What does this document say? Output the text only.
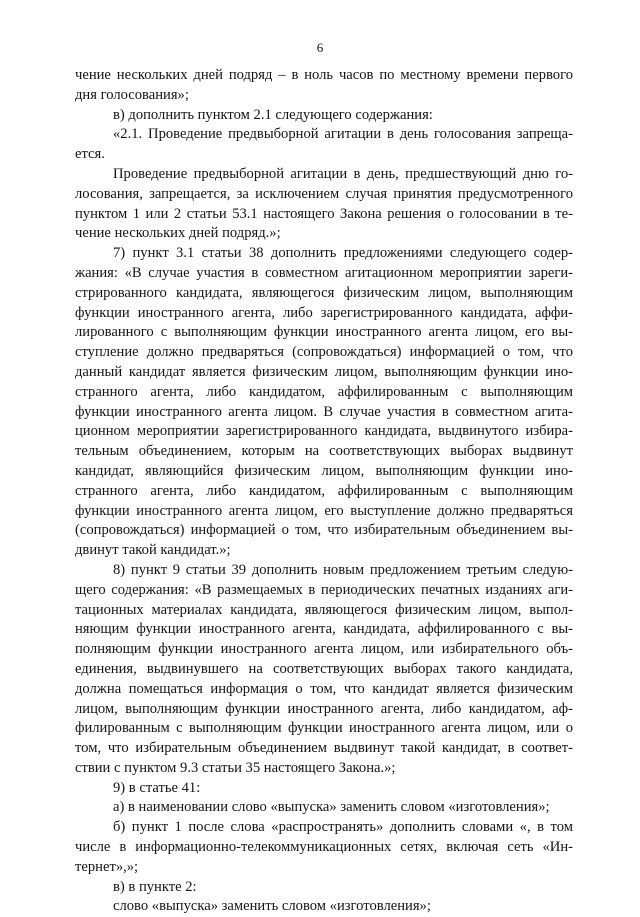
6
чение нескольких дней подряд – в ноль часов по местному времени первого
дня голосования»;
в) дополнить пунктом 2.1 следующего содержания:
«2.1. Проведение предвыборной агитации в день голосования запреща-
ется.
Проведение предвыборной агитации в день, предшествующий дню го-
лосования, запрещается, за исключением случая принятия предусмотренного
пунктом 1 или 2 статьи 53.1 настоящего Закона решения о голосовании в те-
чение нескольких дней подряд.»;
7) пункт 3.1 статьи 38 дополнить предложениями следующего содер-
жания: «В случае участия в совместном агитационном мероприятии зареги-
стрированного кандидата, являющегося физическим лицом, выполняющим
функции иностранного агента, либо зарегистрированного кандидата, аффи-
лированного с выполняющим функции иностранного агента лицом, его вы-
ступление должно предваряться (сопровождаться) информацией о том, что
данный кандидат является физическим лицом, выполняющим функции ино-
странного агента, либо кандидатом, аффилированным с выполняющим
функции иностранного агента лицом. В случае участия в совместном агита-
ционном мероприятии зарегистрированного кандидата, выдвинутого избира-
тельным объединением, которым на соответствующих выборах выдвинут
кандидат, являющийся физическим лицом, выполняющим функции ино-
странного агента, либо кандидатом, аффилированным с выполняющим
функции иностранного агента лицом, его выступление должно предваряться
(сопровождаться) информацией о том, что избирательным объединением вы-
двинут такой кандидат.»;
8) пункт 9 статьи 39 дополнить новым предложением третьим следую-
щего содержания: «В размещаемых в периодических печатных изданиях аги-
тационных материалах кандидата, являющегося физическим лицом, выпол-
няющим функции иностранного агента, кандидата, аффилированного с вы-
полняющим функции иностранного агента лицом, или избирательного объ-
единения, выдвинувшего на соответствующих выборах такого кандидата,
должна помещаться информация о том, что кандидат является физическим
лицом, выполняющим функции иностранного агента, либо кандидатом, аф-
филированным с выполняющим функции иностранного агента лицом, или о
том, что избирательным объединением выдвинут такой кандидат, в соответ-
ствии с пунктом 9.3 статьи 35 настоящего Закона.»;
9) в статье 41:
а) в наименовании слово «выпуска» заменить словом «изготовления»;
б) пункт 1 после слова «распространять» дополнить словами «, в том
числе в информационно-телекоммуникационных сетях, включая сеть «Ин-
тернет»,»;
в) в пункте 2:
слово «выпуска» заменить словом «изготовления»;
